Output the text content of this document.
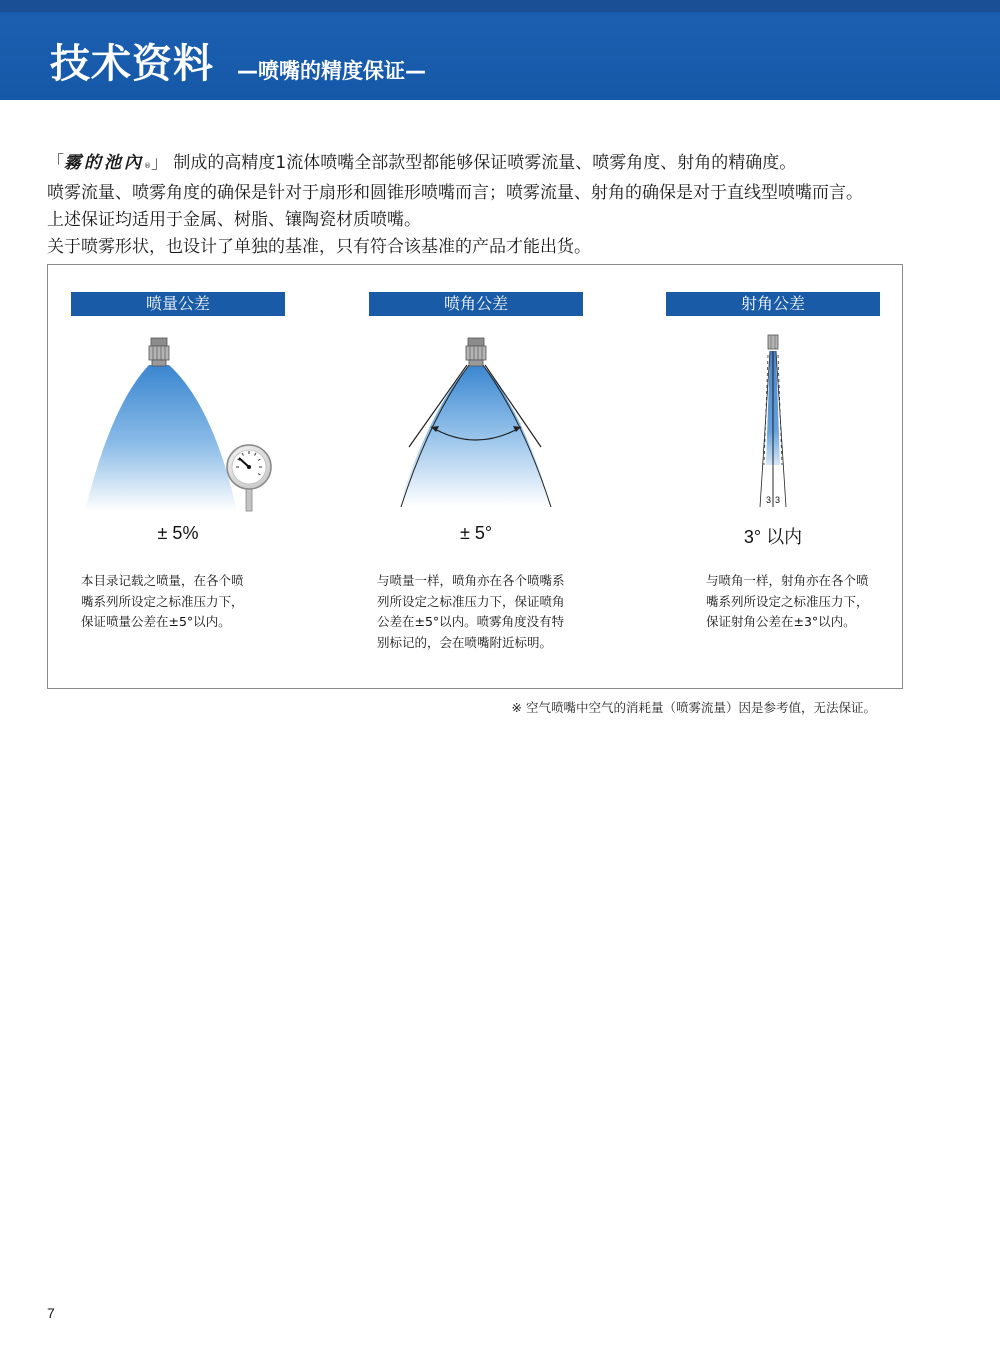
技术资料 —喷嘴的精度保证—

「霧的池內®」 制成的高精度1流体喷嘴全部款型都能够保证喷雾流量、喷雾角度、射角的精确度。

喷雾流量、喷雾角度的确保是针对于扇形和圆锥形喷嘴而言；喷雾流量、射角的确保是对于直线型喷嘴而言。

上述保证均适用于金属、树脂、镶陶瓷材质喷嘴。

关于喷雾形状，也设计了单独的基准，只有符合该基准的产品才能出货。

喷量公差
± 5%
本目录记载之喷量，在各个喷
嘴系列所设定之标准压力下，
保证喷量公差在±5°以内。
喷角公差
± 5°
与喷量一样，喷角亦在各个喷嘴系
列所设定之标准压力下，保证喷角
公差在±5°以内。喷雾角度没有特
别标记的，会在喷嘴附近标明。
射角公差
3 3
3° 以内
与喷角一样，射角亦在各个喷
嘴系列所设定之标准压力下，
保证射角公差在±3°以内。
※ 空气喷嘴中空气的消耗量（喷雾流量）因是参考值，无法保证。
7
